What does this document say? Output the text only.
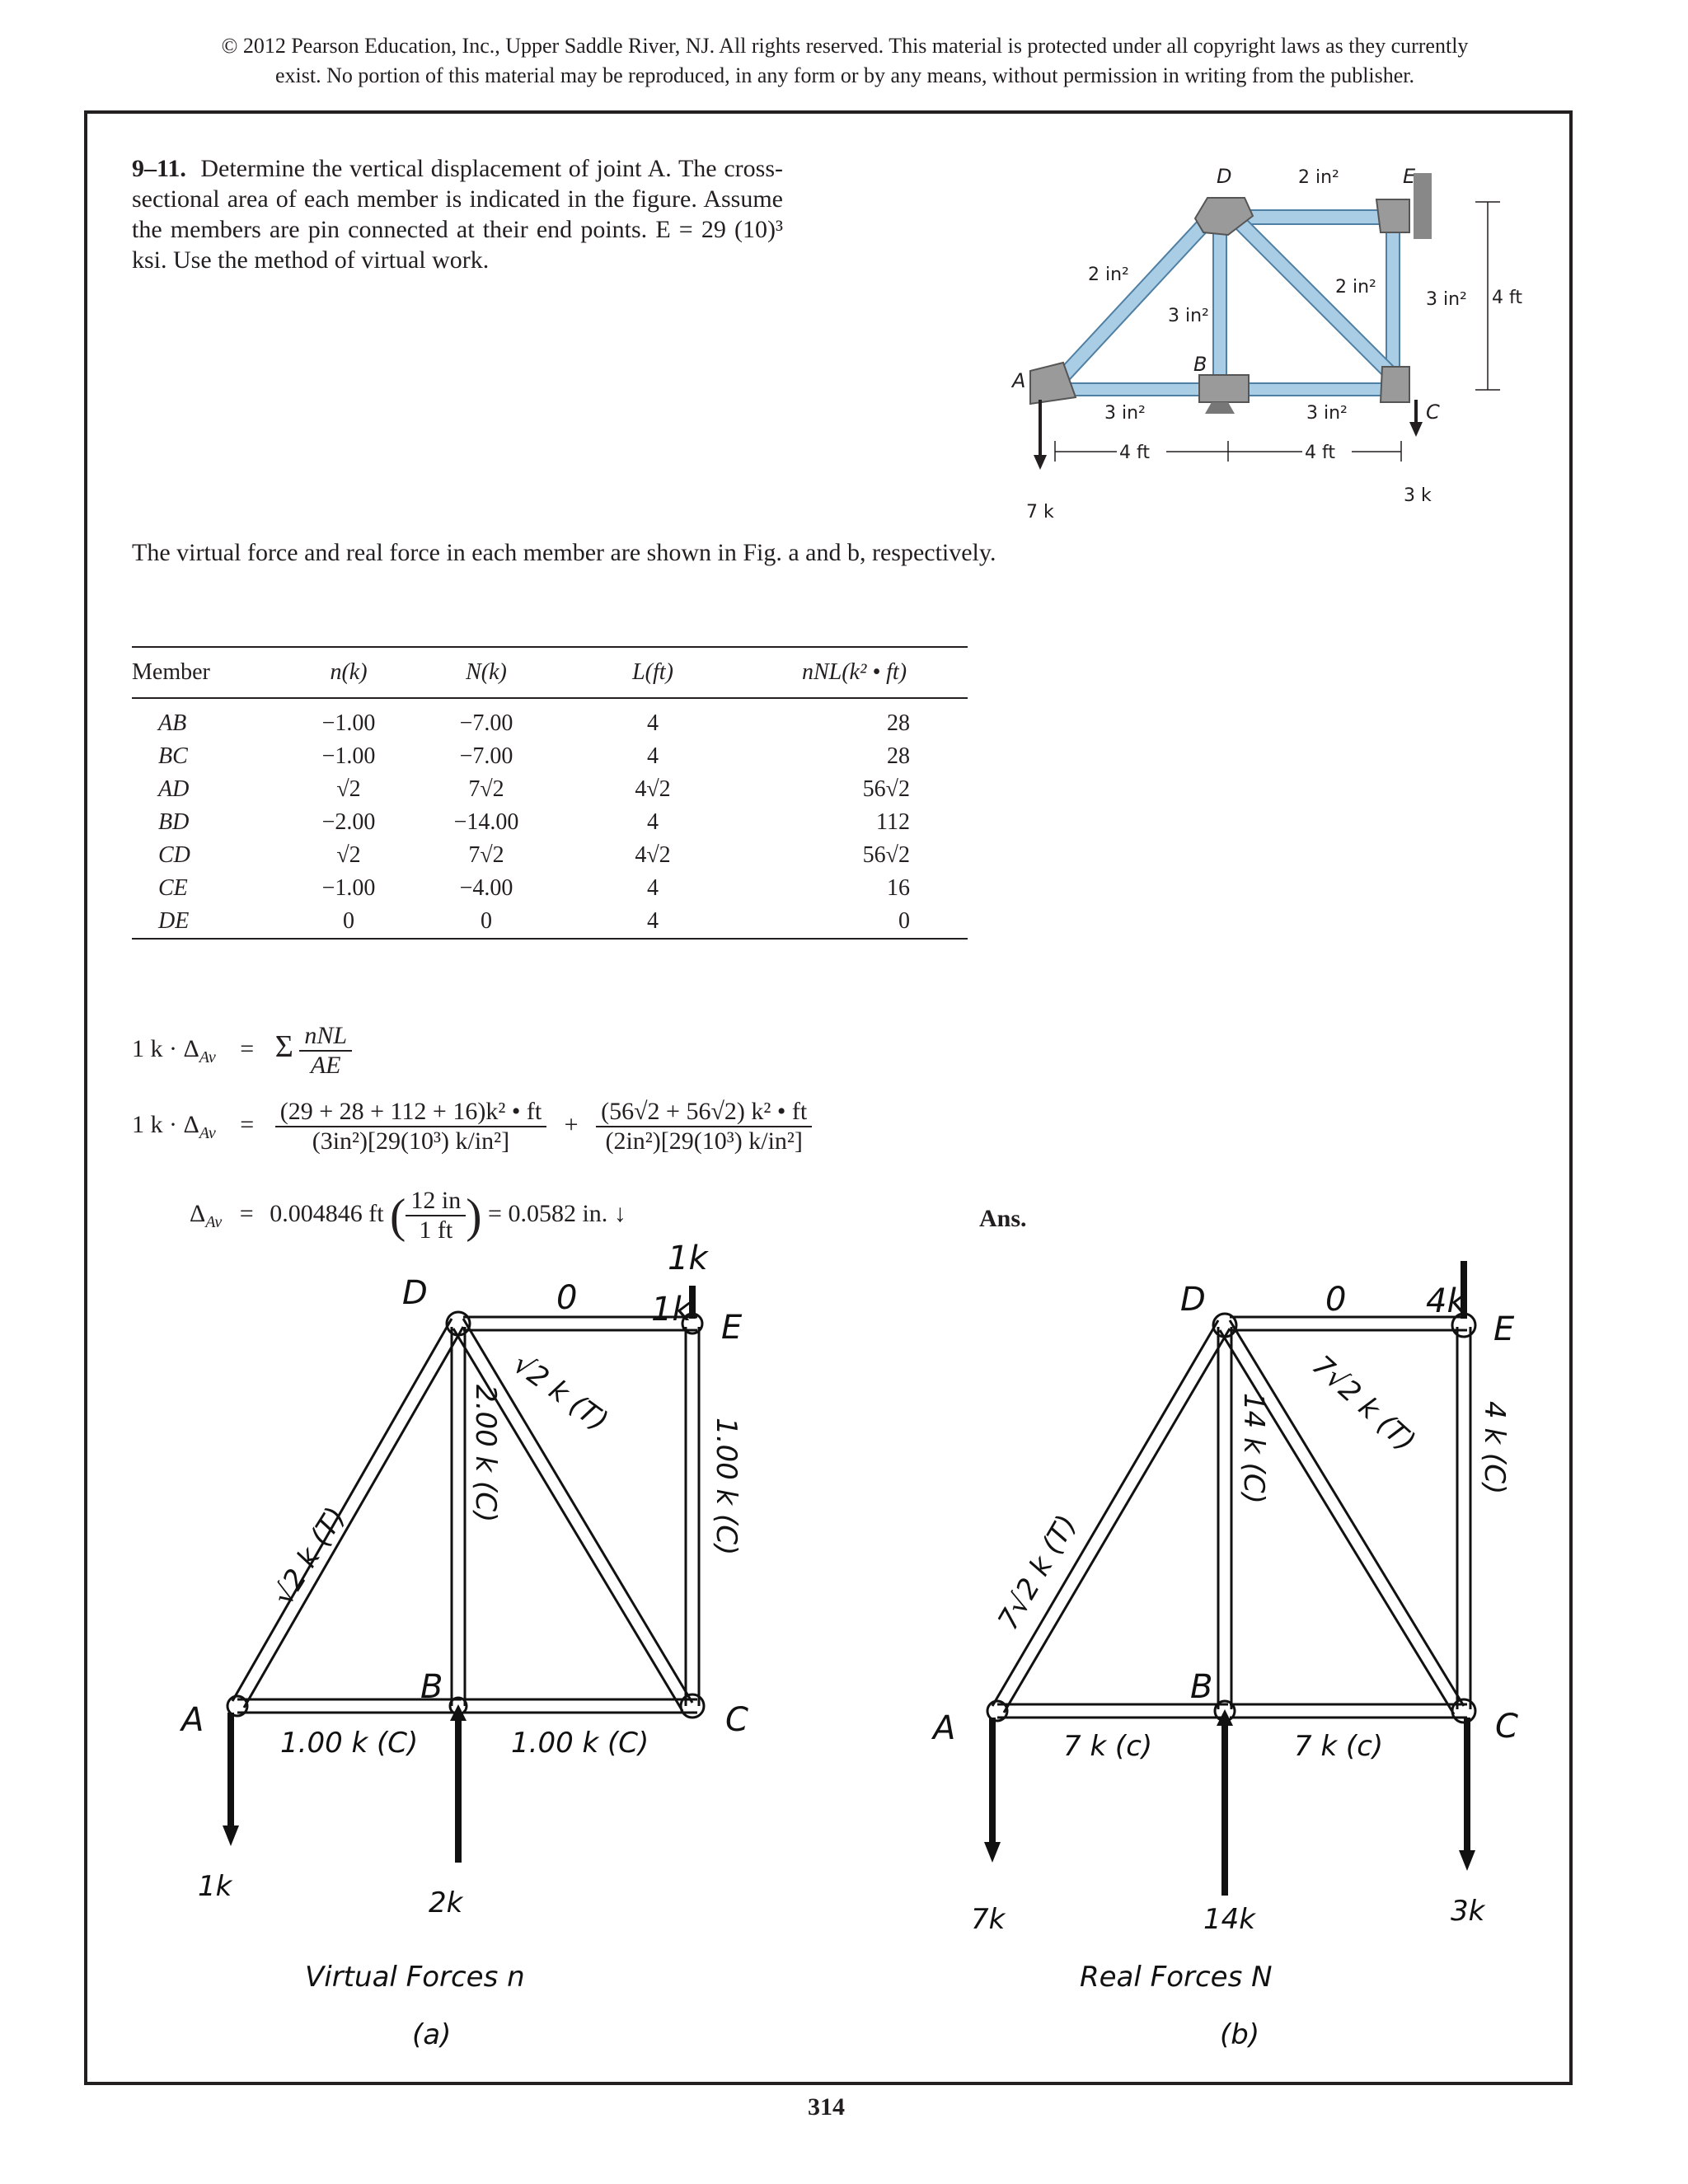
© 2012 Pearson Education, Inc., Upper Saddle River, NJ. All rights reserved. This material is protected under all copyright laws as they currently
exist. No portion of this material may be reproduced, in any form or by any means, without permission in writing from the publisher.
9–11. Determine the vertical displacement of joint A. The cross-sectional area of each member is indicated in the figure. Assume the members are pin connected at their end points. E = 29 (10)³ ksi. Use the method of virtual work.
A
B
C
D	E
2 in²
2 in²
3 in²
2 in²
3 in²
3 in²	3 in²
4 ft	4 ft
4 ft
7 k
3 k
The virtual force and real force in each member are shown in Fig. a and b, respectively.
Member	n(k)	N(k)	L(ft)	nNL(k² • ft)
AB	−1.00	−7.00	4	28
BC	−1.00	−7.00	4	28
AD	√2	7√2	4√2	56√2
BD	−2.00	−14.00	4	112
CD	√2	7√2	4√2	56√2
CE	−1.00	−4.00	4	16
DE	0	0	4	0
1 $k \cdot \Delta_{Av} = \Sigma \frac{\text{nNL}}{AE}$
1 $k \cdot \Delta_{Av} = \frac{\text{(29 + 28 + 112 + 16)k² • ft}}{\text{(3in²)[29(10³) k/in²]}} + \frac{\text{(56√2 + 56√2) k² • ft}}{\text{(2in²)[29(10³) k/in²]}}$
$\Delta_{Av} = 0.004846$ ft ( $\frac{12 in}{1 ft}$ ) = 0.0582 in. ↓	Ans.
D
E
A
B
C
0
1k
√2 k (T)
2.00 k (C) √2 k (T)
1.00 k (C)
1.00 k (C)	1.00 k (C)
1k	2k
Virtual Forces n
(a)
1k	D
E
A
B
C
0
7√2 k (T)
14 k (C) 7√2 k (T) 4 k (C)
7 k (c)	7 k (c)
7k	14k	3k
Real Forces N
(b)
4k
314
